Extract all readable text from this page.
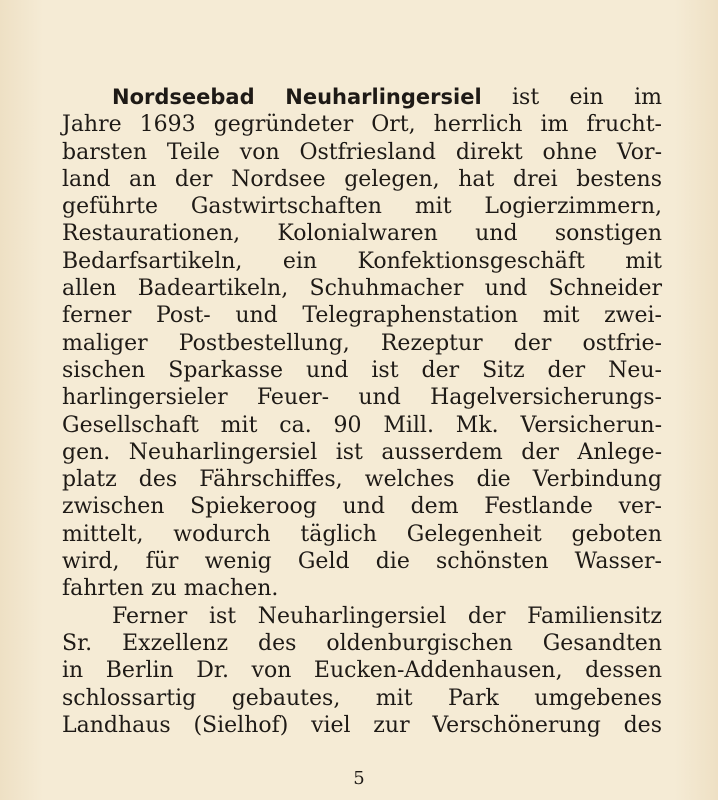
Nordseebad Neuharlingersiel ist ein im
Jahre 1693 gegründeter Ort, herrlich im frucht-
barsten Teile von Ostfriesland direkt ohne Vor-
land an der Nordsee gelegen, hat drei bestens
geführte Gastwirtschaften mit Logierzimmern,
Restaurationen, Kolonialwaren und sonstigen
Bedarfsartikeln, ein Konfektionsgeschäft mit
allen Badeartikeln, Schuhmacher und Schneider
ferner Post- und Telegraphenstation mit zwei-
maliger Postbestellung, Rezeptur der ostfrie-
sischen Sparkasse und ist der Sitz der Neu-
harlingersieler Feuer- und Hagelversicherungs-
Gesellschaft mit ca. 90 Mill. Mk. Versicherun-
gen. Neuharlingersiel ist ausserdem der Anlege-
platz des Fährschiffes, welches die Verbindung
zwischen Spiekeroog und dem Festlande ver-
mittelt, wodurch täglich Gelegenheit geboten
wird, für wenig Geld die schönsten Wasser-
fahrten zu machen.
Ferner ist Neuharlingersiel der Familiensitz
Sr. Exzellenz des oldenburgischen Gesandten
in Berlin Dr. von Eucken-Addenhausen, dessen
schlossartig gebautes, mit Park umgebenes
Landhaus (Sielhof) viel zur Verschönerung des
5
